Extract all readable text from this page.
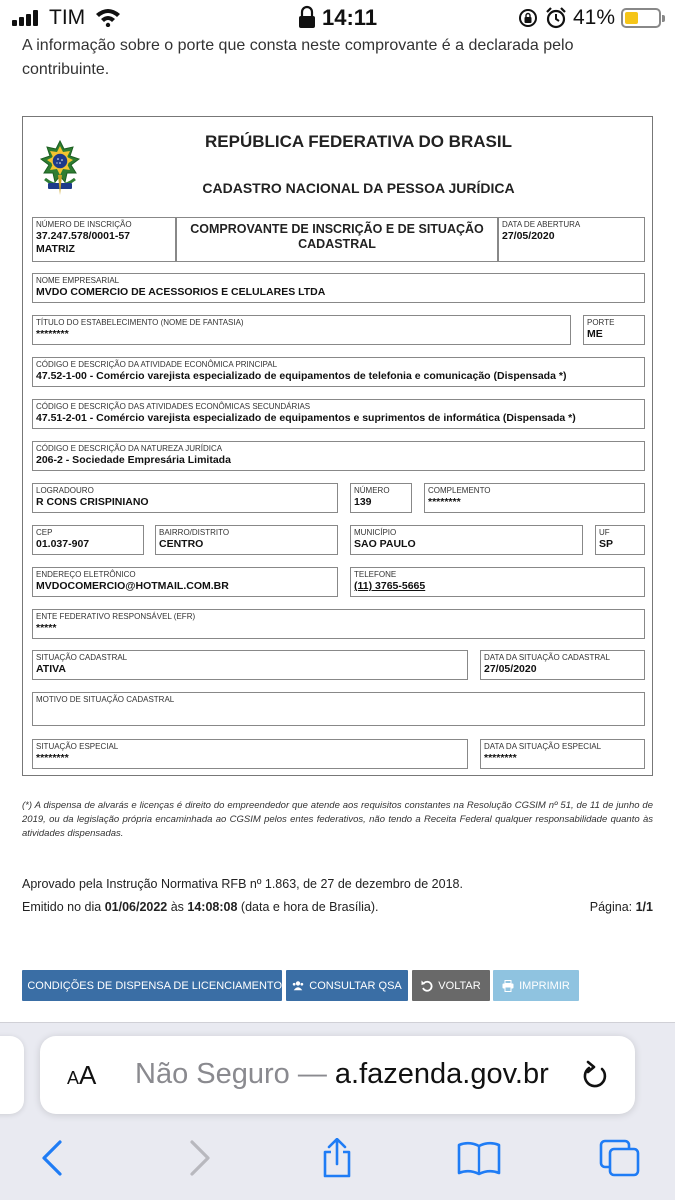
TIM	14:11	41%

A informação sobre o porte que consta neste comprovante é a declarada pelo contribuinte.

REPÚBLICA FEDERATIVA DO BRASIL
CADASTRO NACIONAL DA PESSOA JURÍDICA
NÚMERO DE INSCRIÇÃO
37.247.578/0001-57
MATRIZ
COMPROVANTE DE INSCRIÇÃO E DE SITUAÇÃO CADASTRAL
DATA DE ABERTURA
27/05/2020
NOME EMPRESARIAL
MVDO COMERCIO DE ACESSORIOS E CELULARES LTDA
TÍTULO DO ESTABELECIMENTO (NOME DE FANTASIA)
********
PORTE
ME
CÓDIGO E DESCRIÇÃO DA ATIVIDADE ECONÔMICA PRINCIPAL
47.52-1-00 - Comércio varejista especializado de equipamentos de telefonia e comunicação (Dispensada *)
CÓDIGO E DESCRIÇÃO DAS ATIVIDADES ECONÔMICAS SECUNDÁRIAS
47.51-2-01 - Comércio varejista especializado de equipamentos e suprimentos de informática (Dispensada *)
CÓDIGO E DESCRIÇÃO DA NATUREZA JURÍDICA
206-2 - Sociedade Empresária Limitada
LOGRADOURO
R CONS CRISPINIANO
NÚMERO
139
COMPLEMENTO
********
CEP
01.037-907
BAIRRO/DISTRITO
CENTRO
MUNICÍPIO
SAO PAULO
UF
SP
ENDEREÇO ELETRÔNICO
MVDOCOMERCIO@HOTMAIL.COM.BR
TELEFONE
(11) 3765-5665
ENTE FEDERATIVO RESPONSÁVEL (EFR)
*****
SITUAÇÃO CADASTRAL
ATIVA
DATA DA SITUAÇÃO CADASTRAL
27/05/2020
MOTIVO DE SITUAÇÃO CADASTRAL
SITUAÇÃO ESPECIAL
********
DATA DA SITUAÇÃO ESPECIAL
********

(*) A dispensa de alvarás e licenças é direito do empreendedor que atende aos requisitos constantes na Resolução CGSIM nº 51, de 11 de junho de 2019, ou da legislação própria encaminhada ao CGSIM pelos entes federativos, não tendo a Receita Federal qualquer responsabilidade quanto às atividades dispensadas.

Aprovado pela Instrução Normativa RFB nº 1.863, de 27 de dezembro de 2018.
Emitido no dia 01/06/2022 às 14:08:08 (data e hora de Brasília).	Página: 1/1
CONDIÇÕES DE DISPENSA DE LICENCIAMENTO CONSULTAR QSA	VOLTAR	IMPRIMIR
AA Não Seguro — a.fazenda.gov.br
